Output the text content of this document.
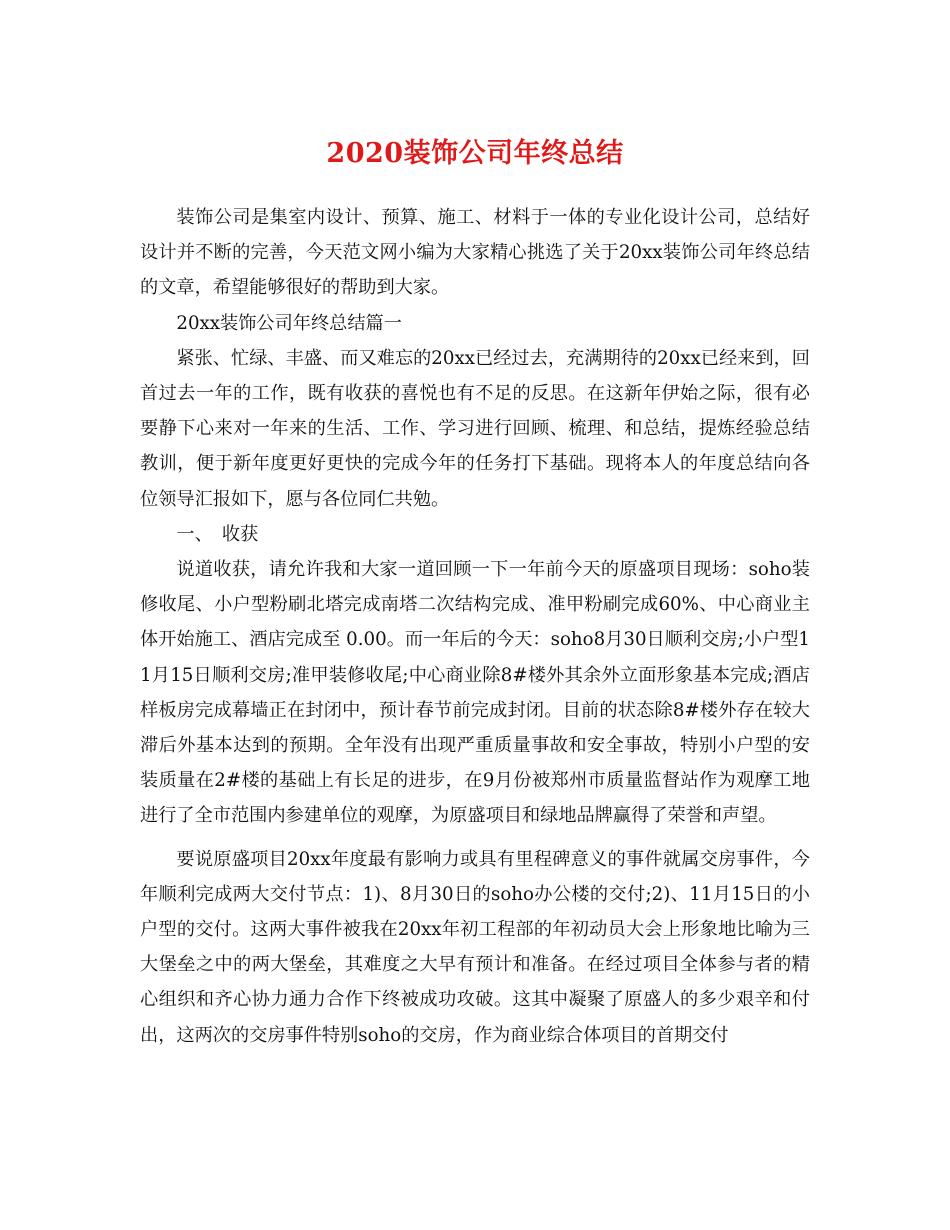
2020装饰公司年终总结

装饰公司是集室内设计、预算、施工、材料于一体的专业化设计公司，总结好设计并不断的完善，今天范文网小编为大家精心挑选了关于20xx装饰公司年终总结的文章，希望能够很好的帮助到大家。

20xx装饰公司年终总结篇一

紧张、忙绿、丰盛、而又难忘的20xx已经过去，充满期待的20xx已经来到，回首过去一年的工作，既有收获的喜悦也有不足的反思。在这新年伊始之际，很有必要静下心来对一年来的生活、工作、学习进行回顾、梳理、和总结，提炼经验总结教训，便于新年度更好更快的完成今年的任务打下基础。现将本人的年度总结向各位领导汇报如下，愿与各位同仁共勉。

一、　收获

说道收获，请允许我和大家一道回顾一下一年前今天的原盛项目现场：soho装修收尾、小户型粉刷北塔完成南塔二次结构完成、准甲粉刷完成60%、中心商业主体开始施工、酒店完成至 0.00。而一年后的今天：soho8月30日顺利交房;小户型11月15日顺利交房;准甲装修收尾;中心商业除8#楼外其余外立面形象基本完成;酒店样板房完成幕墙正在封闭中，预计春节前完成封闭。目前的状态除8#楼外存在较大滞后外基本达到的预期。全年没有出现严重质量事故和安全事故，特别小户型的安装质量在2#楼的基础上有长足的进步，在9月份被郑州市质量监督站作为观摩工地进行了全市范围内参建单位的观摩，为原盛项目和绿地品牌赢得了荣誉和声望。

要说原盛项目20xx年度最有影响力或具有里程碑意义的事件就属交房事件，今年顺利完成两大交付节点：1)、8月30日的soho办公楼的交付;2)、11月15日的小户型的交付。这两大事件被我在20xx年初工程部的年初动员大会上形象地比喻为三大堡垒之中的两大堡垒，其难度之大早有预计和准备。在经过项目全体参与者的精心组织和齐心协力通力合作下终被成功攻破。这其中凝聚了原盛人的多少艰辛和付出，这两次的交房事件特别soho的交房，作为商业综合体项目的首期交付
